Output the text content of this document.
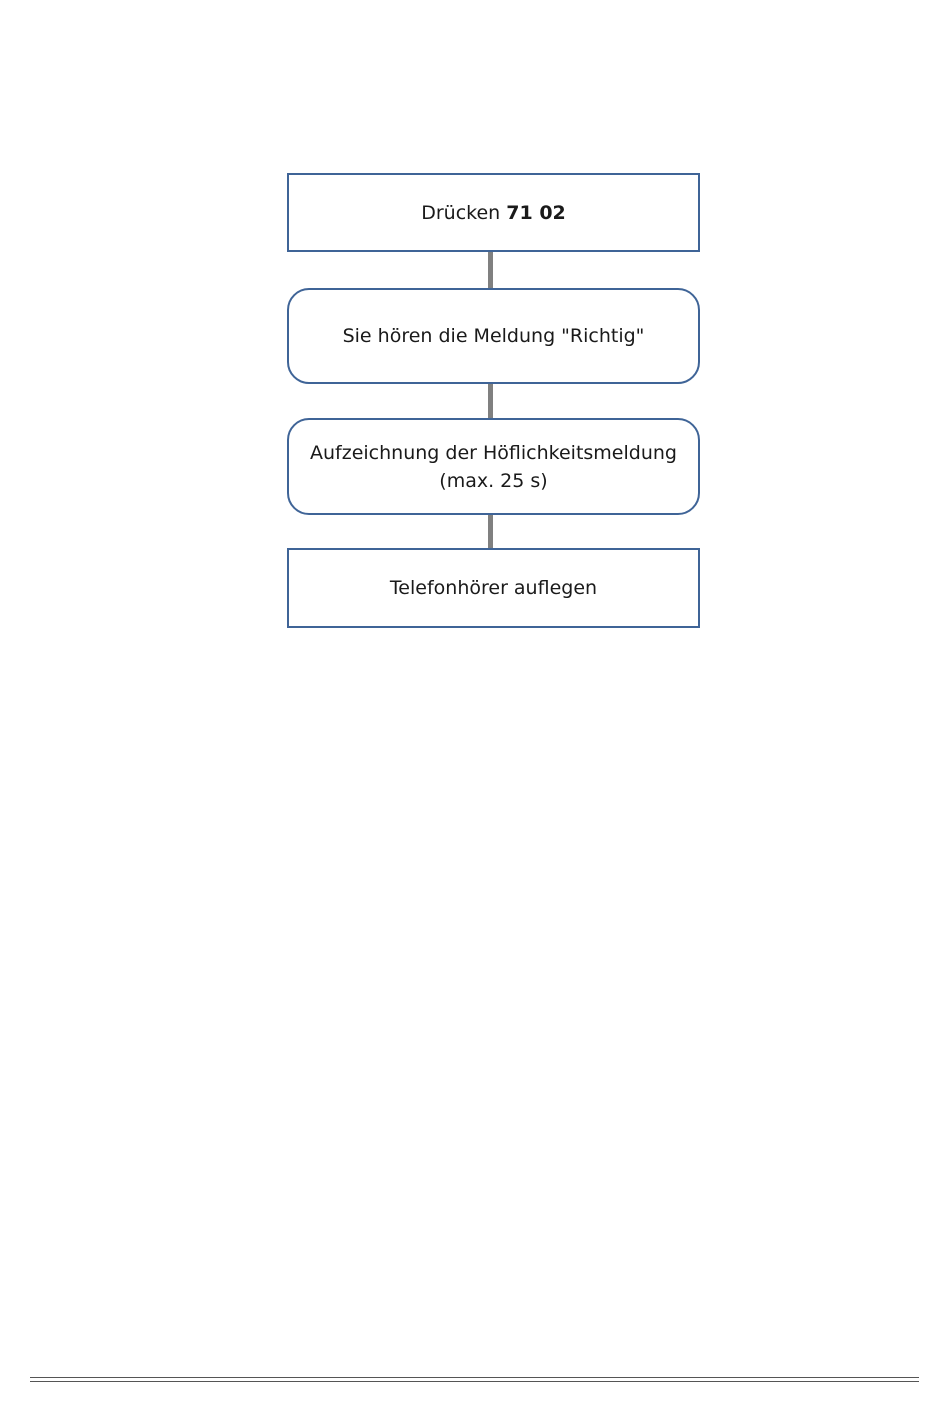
Drücken 71 02
Sie hören die Meldung "Richtig"
Aufzeichnung der Höflichkeitsmeldung
(max. 25 s)
Telefonhörer auflegen
